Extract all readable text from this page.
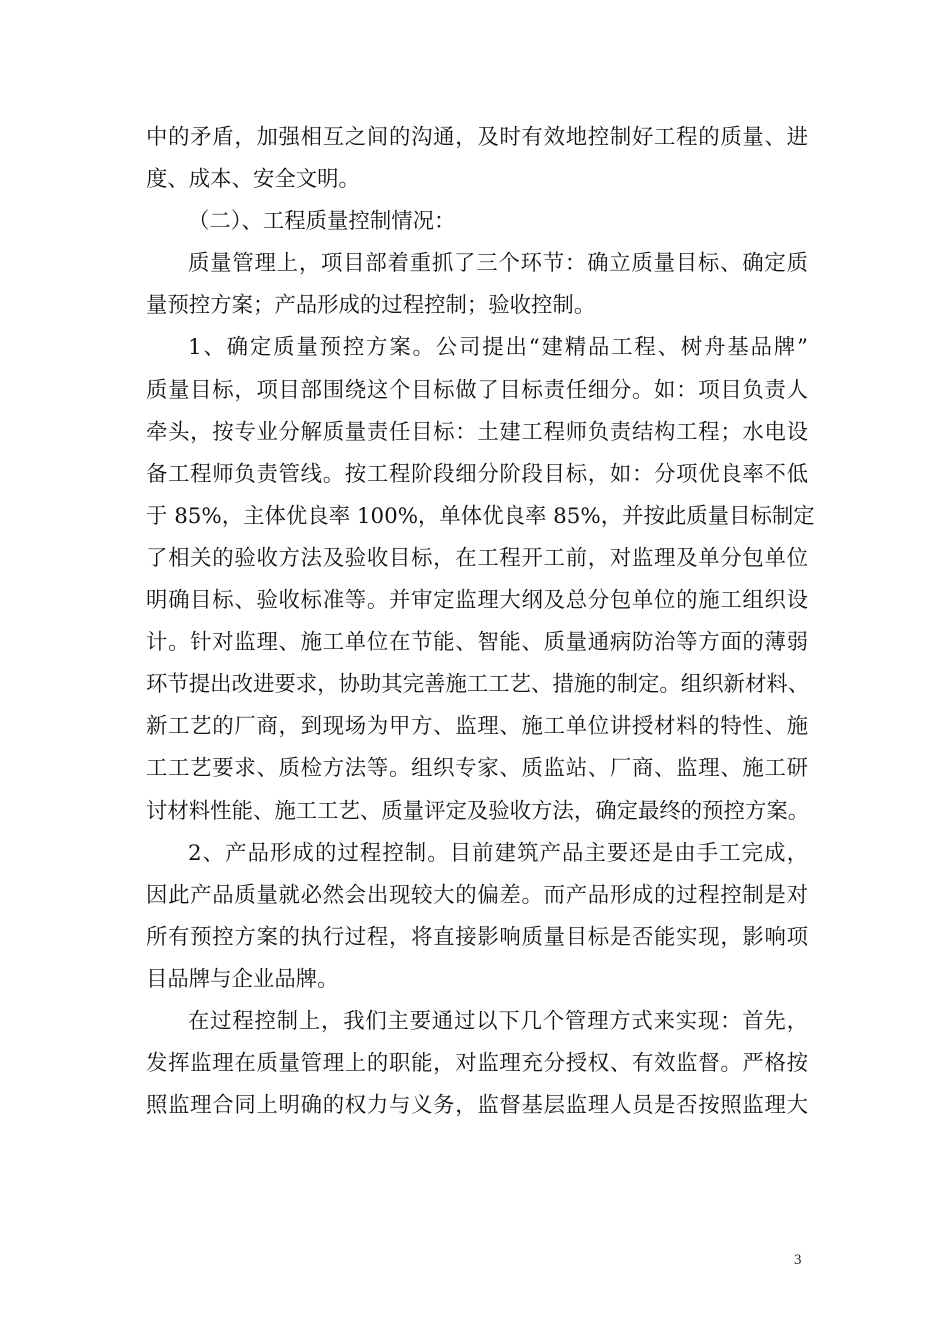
中的矛盾，加强相互之间的沟通，及时有效地控制好工程的质量、进
度、成本、安全文明。

（二）、工程质量控制情况：

质量管理上，项目部着重抓了三个环节：确立质量目标、确定质
量预控方案；产品形成的过程控制；验收控制。

1、确定质量预控方案。公司提出“建精品工程、树舟基品牌”
质量目标，项目部围绕这个目标做了目标责任细分。如：项目负责人
牵头，按专业分解质量责任目标：土建工程师负责结构工程；水电设
备工程师负责管线。按工程阶段细分阶段目标，如：分项优良率不低
于 85%，主体优良率 100%，单体优良率 85%，并按此质量目标制定
了相关的验收方法及验收目标，在工程开工前，对监理及单分包单位
明确目标、验收标准等。并审定监理大纲及总分包单位的施工组织设
计。针对监理、施工单位在节能、智能、质量通病防治等方面的薄弱
环节提出改进要求，协助其完善施工工艺、措施的制定。组织新材料、
新工艺的厂商，到现场为甲方、监理、施工单位讲授材料的特性、施
工工艺要求、质检方法等。组织专家、质监站、厂商、监理、施工研
讨材料性能、施工工艺、质量评定及验收方法，确定最终的预控方案。

2、产品形成的过程控制。目前建筑产品主要还是由手工完成，
因此产品质量就必然会出现较大的偏差。而产品形成的过程控制是对
所有预控方案的执行过程，将直接影响质量目标是否能实现，影响项
目品牌与企业品牌。

在过程控制上，我们主要通过以下几个管理方式来实现：首先，
发挥监理在质量管理上的职能，对监理充分授权、有效监督。严格按
照监理合同上明确的权力与义务，监督基层监理人员是否按照监理大

3
